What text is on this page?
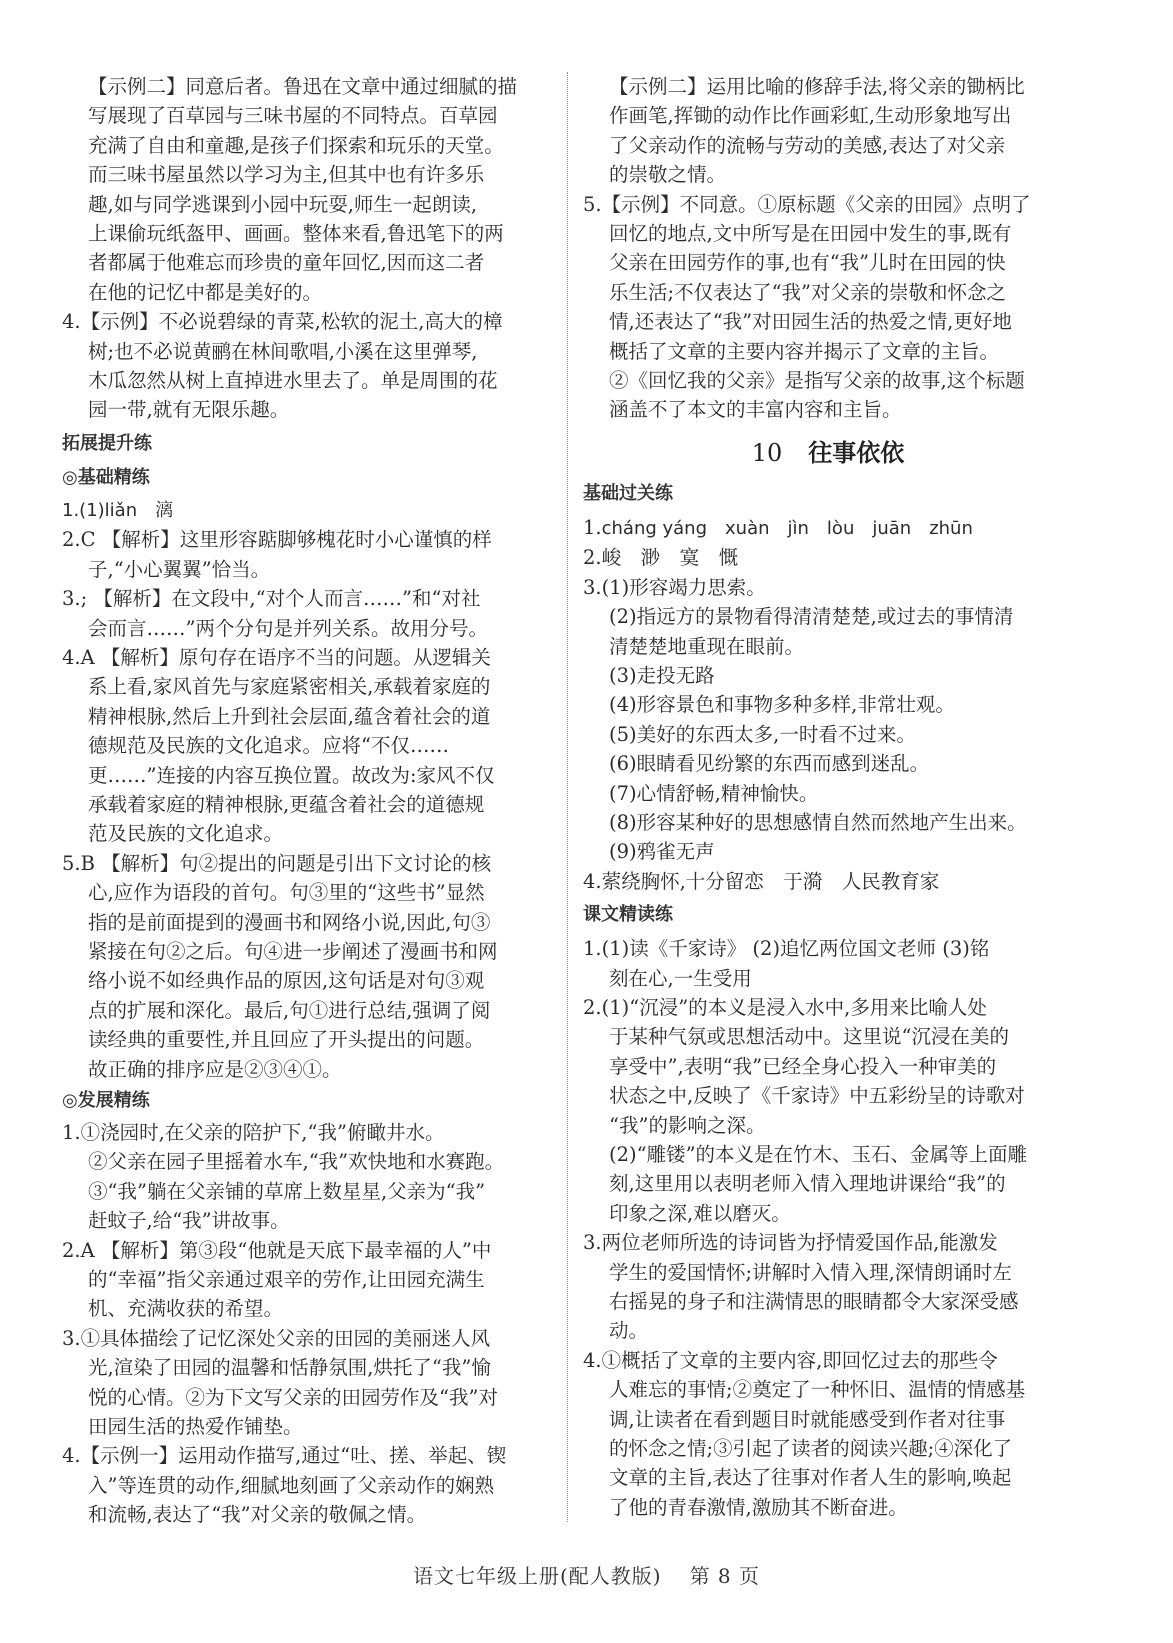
【示例二】同意后者。鲁迅在文章中通过细腻的描
写展现了百草园与三味书屋的不同特点。百草园
充满了自由和童趣,是孩子们探索和玩乐的天堂。
而三味书屋虽然以学习为主,但其中也有许多乐
趣,如与同学逃课到小园中玩耍,师生一起朗读,
上课偷玩纸盔甲、画画。整体来看,鲁迅笔下的两
者都属于他难忘而珍贵的童年回忆,因而这二者
在他的记忆中都是美好的。
4.【示例】不必说碧绿的青菜,松软的泥土,高大的樟
树;也不必说黄鹂在林间歌唱,小溪在这里弹琴,
木瓜忽然从树上直掉进水里去了。单是周围的花
园一带,就有无限乐趣。
拓展提升练
◎基础精练
1.(1)liǎn　漓
2.C 【解析】这里形容踮脚够槐花时小心谨慎的样
子,“小心翼翼”恰当。
3.; 【解析】在文段中,“对个人而言……”和“对社
会而言……”两个分句是并列关系。故用分号。
4.A 【解析】原句存在语序不当的问题。从逻辑关
系上看,家风首先与家庭紧密相关,承载着家庭的
精神根脉,然后上升到社会层面,蕴含着社会的道
德规范及民族的文化追求。应将“不仅……
更……”连接的内容互换位置。故改为:家风不仅
承载着家庭的精神根脉,更蕴含着社会的道德规
范及民族的文化追求。
5.B 【解析】句②提出的问题是引出下文讨论的核
心,应作为语段的首句。句③里的“这些书”显然
指的是前面提到的漫画书和网络小说,因此,句③
紧接在句②之后。句④进一步阐述了漫画书和网
络小说不如经典作品的原因,这句话是对句③观
点的扩展和深化。最后,句①进行总结,强调了阅
读经典的重要性,并且回应了开头提出的问题。
故正确的排序应是②③④①。
◎发展精练
1.①浇园时,在父亲的陪护下,“我”俯瞰井水。
②父亲在园子里摇着水车,“我”欢快地和水赛跑。
③“我”躺在父亲铺的草席上数星星,父亲为“我”
赶蚊子,给“我”讲故事。
2.A 【解析】第③段“他就是天底下最幸福的人”中
的“幸福”指父亲通过艰辛的劳作,让田园充满生
机、充满收获的希望。
3.①具体描绘了记忆深处父亲的田园的美丽迷人风
光,渲染了田园的温馨和恬静氛围,烘托了“我”愉
悦的心情。②为下文写父亲的田园劳作及“我”对
田园生活的热爱作铺垫。
4.【示例一】运用动作描写,通过“吐、搓、举起、锲
入”等连贯的动作,细腻地刻画了父亲动作的娴熟
和流畅,表达了“我”对父亲的敬佩之情。
【示例二】运用比喻的修辞手法,将父亲的锄柄比
作画笔,挥锄的动作比作画彩虹,生动形象地写出
了父亲动作的流畅与劳动的美感,表达了对父亲
的崇敬之情。
5.【示例】不同意。①原标题《父亲的田园》点明了
回忆的地点,文中所写是在田园中发生的事,既有
父亲在田园劳作的事,也有“我”儿时在田园的快
乐生活;不仅表达了“我”对父亲的崇敬和怀念之
情,还表达了“我”对田园生活的热爱之情,更好地
概括了文章的主要内容并揭示了文章的主旨。
②《回忆我的父亲》是指写父亲的故事,这个标题
涵盖不了本文的丰富内容和主旨。
10 往事依依
基础过关练
1.cháng yáng　xuàn　jìn　lòu　juān　zhūn
2.峻　渺　寞　慨
3.(1)形容竭力思索。
(2)指远方的景物看得清清楚楚,或过去的事情清
清楚楚地重现在眼前。
(3)走投无路
(4)形容景色和事物多种多样,非常壮观。
(5)美好的东西太多,一时看不过来。
(6)眼睛看见纷繁的东西而感到迷乱。
(7)心情舒畅,精神愉快。
(8)形容某种好的思想感情自然而然地产生出来。
(9)鸦雀无声
4.萦绕胸怀,十分留恋　于漪　人民教育家
课文精读练
1.(1)读《千家诗》 (2)追忆两位国文老师 (3)铭
刻在心,一生受用
2.(1)“沉浸”的本义是浸入水中,多用来比喻人处
于某种气氛或思想活动中。这里说“沉浸在美的
享受中”,表明“我”已经全身心投入一种审美的
状态之中,反映了《千家诗》中五彩纷呈的诗歌对
“我”的影响之深。
(2)“雕镂”的本义是在竹木、玉石、金属等上面雕
刻,这里用以表明老师入情入理地讲课给“我”的
印象之深,难以磨灭。
3.两位老师所选的诗词皆为抒情爱国作品,能激发
学生的爱国情怀;讲解时入情入理,深情朗诵时左
右摇晃的身子和注满情思的眼睛都令大家深受感
动。
4.①概括了文章的主要内容,即回忆过去的那些令
人难忘的事情;②奠定了一种怀旧、温情的情感基
调,让读者在看到题目时就能感受到作者对往事
的怀念之情;③引起了读者的阅读兴趣;④深化了
文章的主旨,表达了往事对作者人生的影响,唤起
了他的青春激情,激励其不断奋进。
语文七年级上册(配人教版) 第 8 页
